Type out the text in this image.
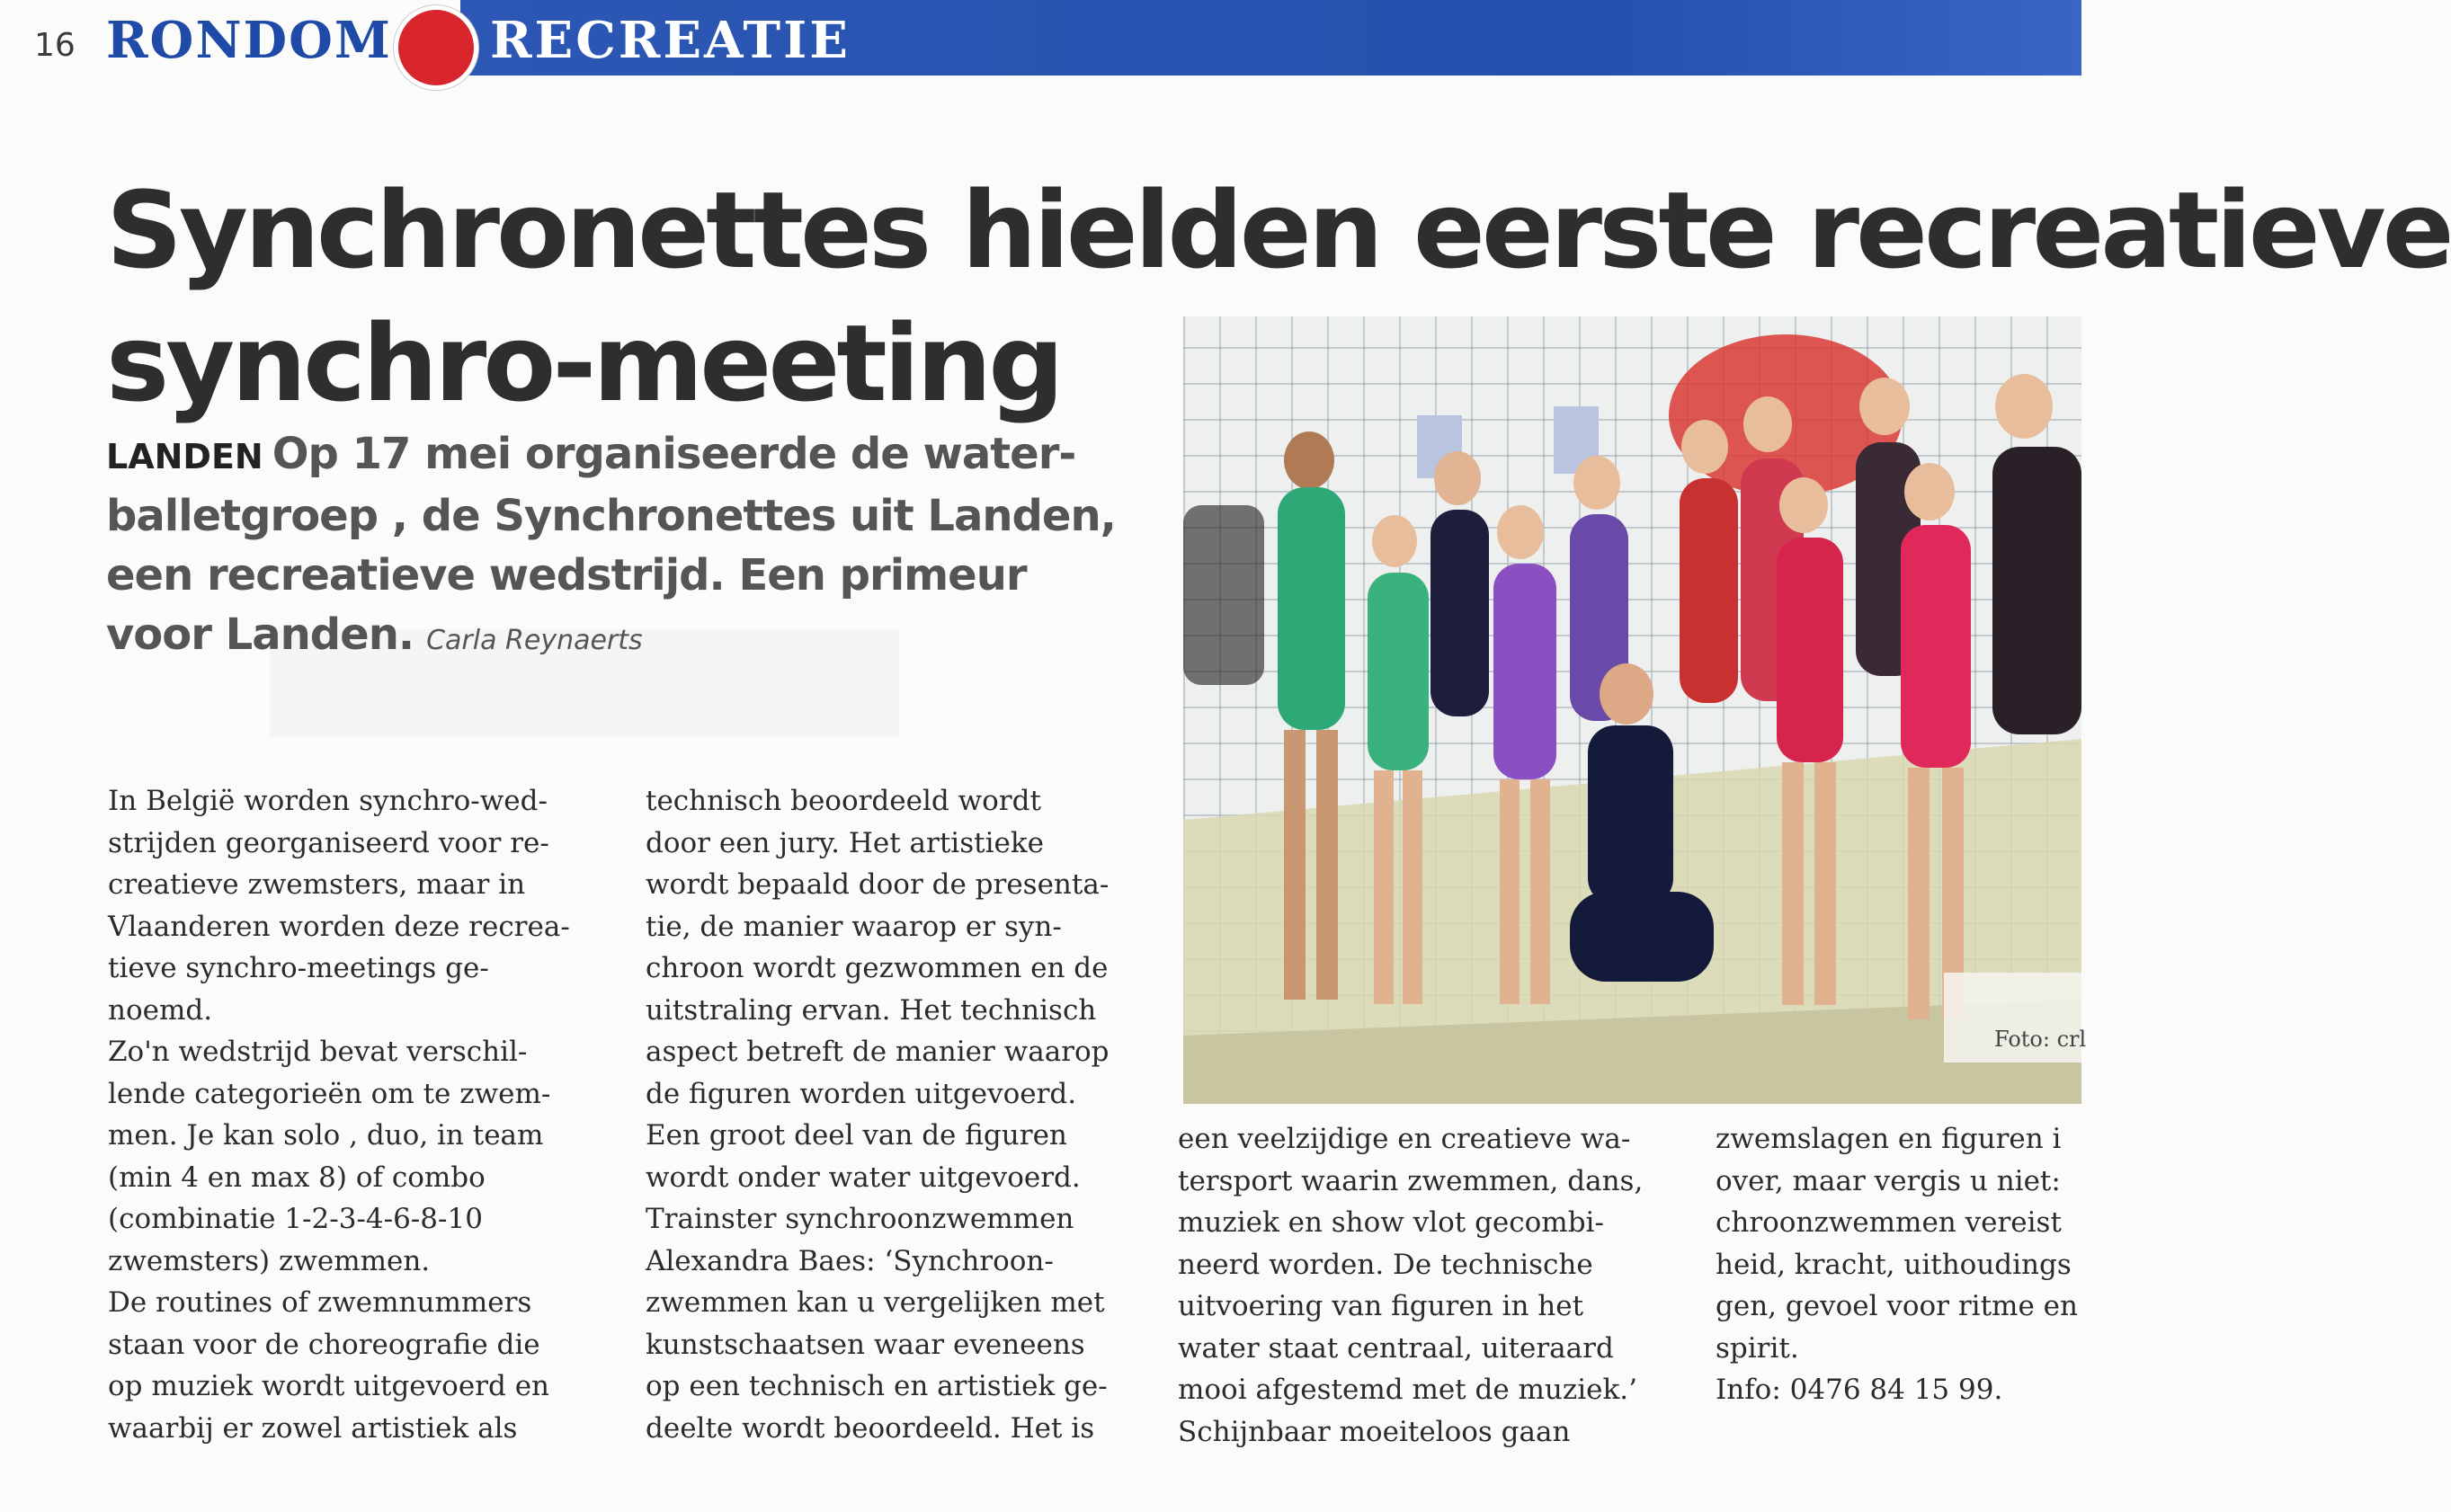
16 RONDOM RECREATIE
Synchronettes hielden eerste recreatieve
synchro-meeting
LANDEN Op 17 mei organiseerde de water-
balletgroep , de Synchronettes uit Landen,
een recreatieve wedstrijd. Een primeur
voor Landen. Carla Reynaerts
Foto: crl
In België worden synchro-wed-
strijden georganiseerd voor re-
creatieve zwemsters, maar in
Vlaanderen worden deze recrea-
tieve synchro-meetings ge-
noemd.
Zo'n wedstrijd bevat verschil-
lende categorieën om te zwem-
men. Je kan solo , duo, in team
(min 4 en max 8) of combo
(combinatie 1-2-3-4-6-8-10
zwemsters) zwemmen.
De routines of zwemnummers
staan voor de choreografie die
op muziek wordt uitgevoerd en
waarbij er zowel artistiek als
technisch beoordeeld wordt
door een jury. Het artistieke
wordt bepaald door de presenta-
tie, de manier waarop er syn-
chroon wordt gezwommen en de
uitstraling ervan. Het technisch
aspect betreft de manier waarop
de figuren worden uitgevoerd.
Een groot deel van de figuren
wordt onder water uitgevoerd.
Trainster synchroonzwemmen
Alexandra Baes: ‘Synchroon-
zwemmen kan u vergelijken met
kunstschaatsen waar eveneens
op een technisch en artistiek ge-
deelte wordt beoordeeld. Het is
een veelzijdige en creatieve wa-
tersport waarin zwemmen, dans,
muziek en show vlot gecombi-
neerd worden. De technische
uitvoering van figuren in het
water staat centraal, uiteraard
mooi afgestemd met de muziek.’
Schijnbaar moeiteloos gaan
zwemslagen en figuren i
over, maar vergis u niet:
chroonzwemmen vereist
heid, kracht, uithoudings
gen, gevoel voor ritme en
spirit.
Info: 0476 84 15 99.
